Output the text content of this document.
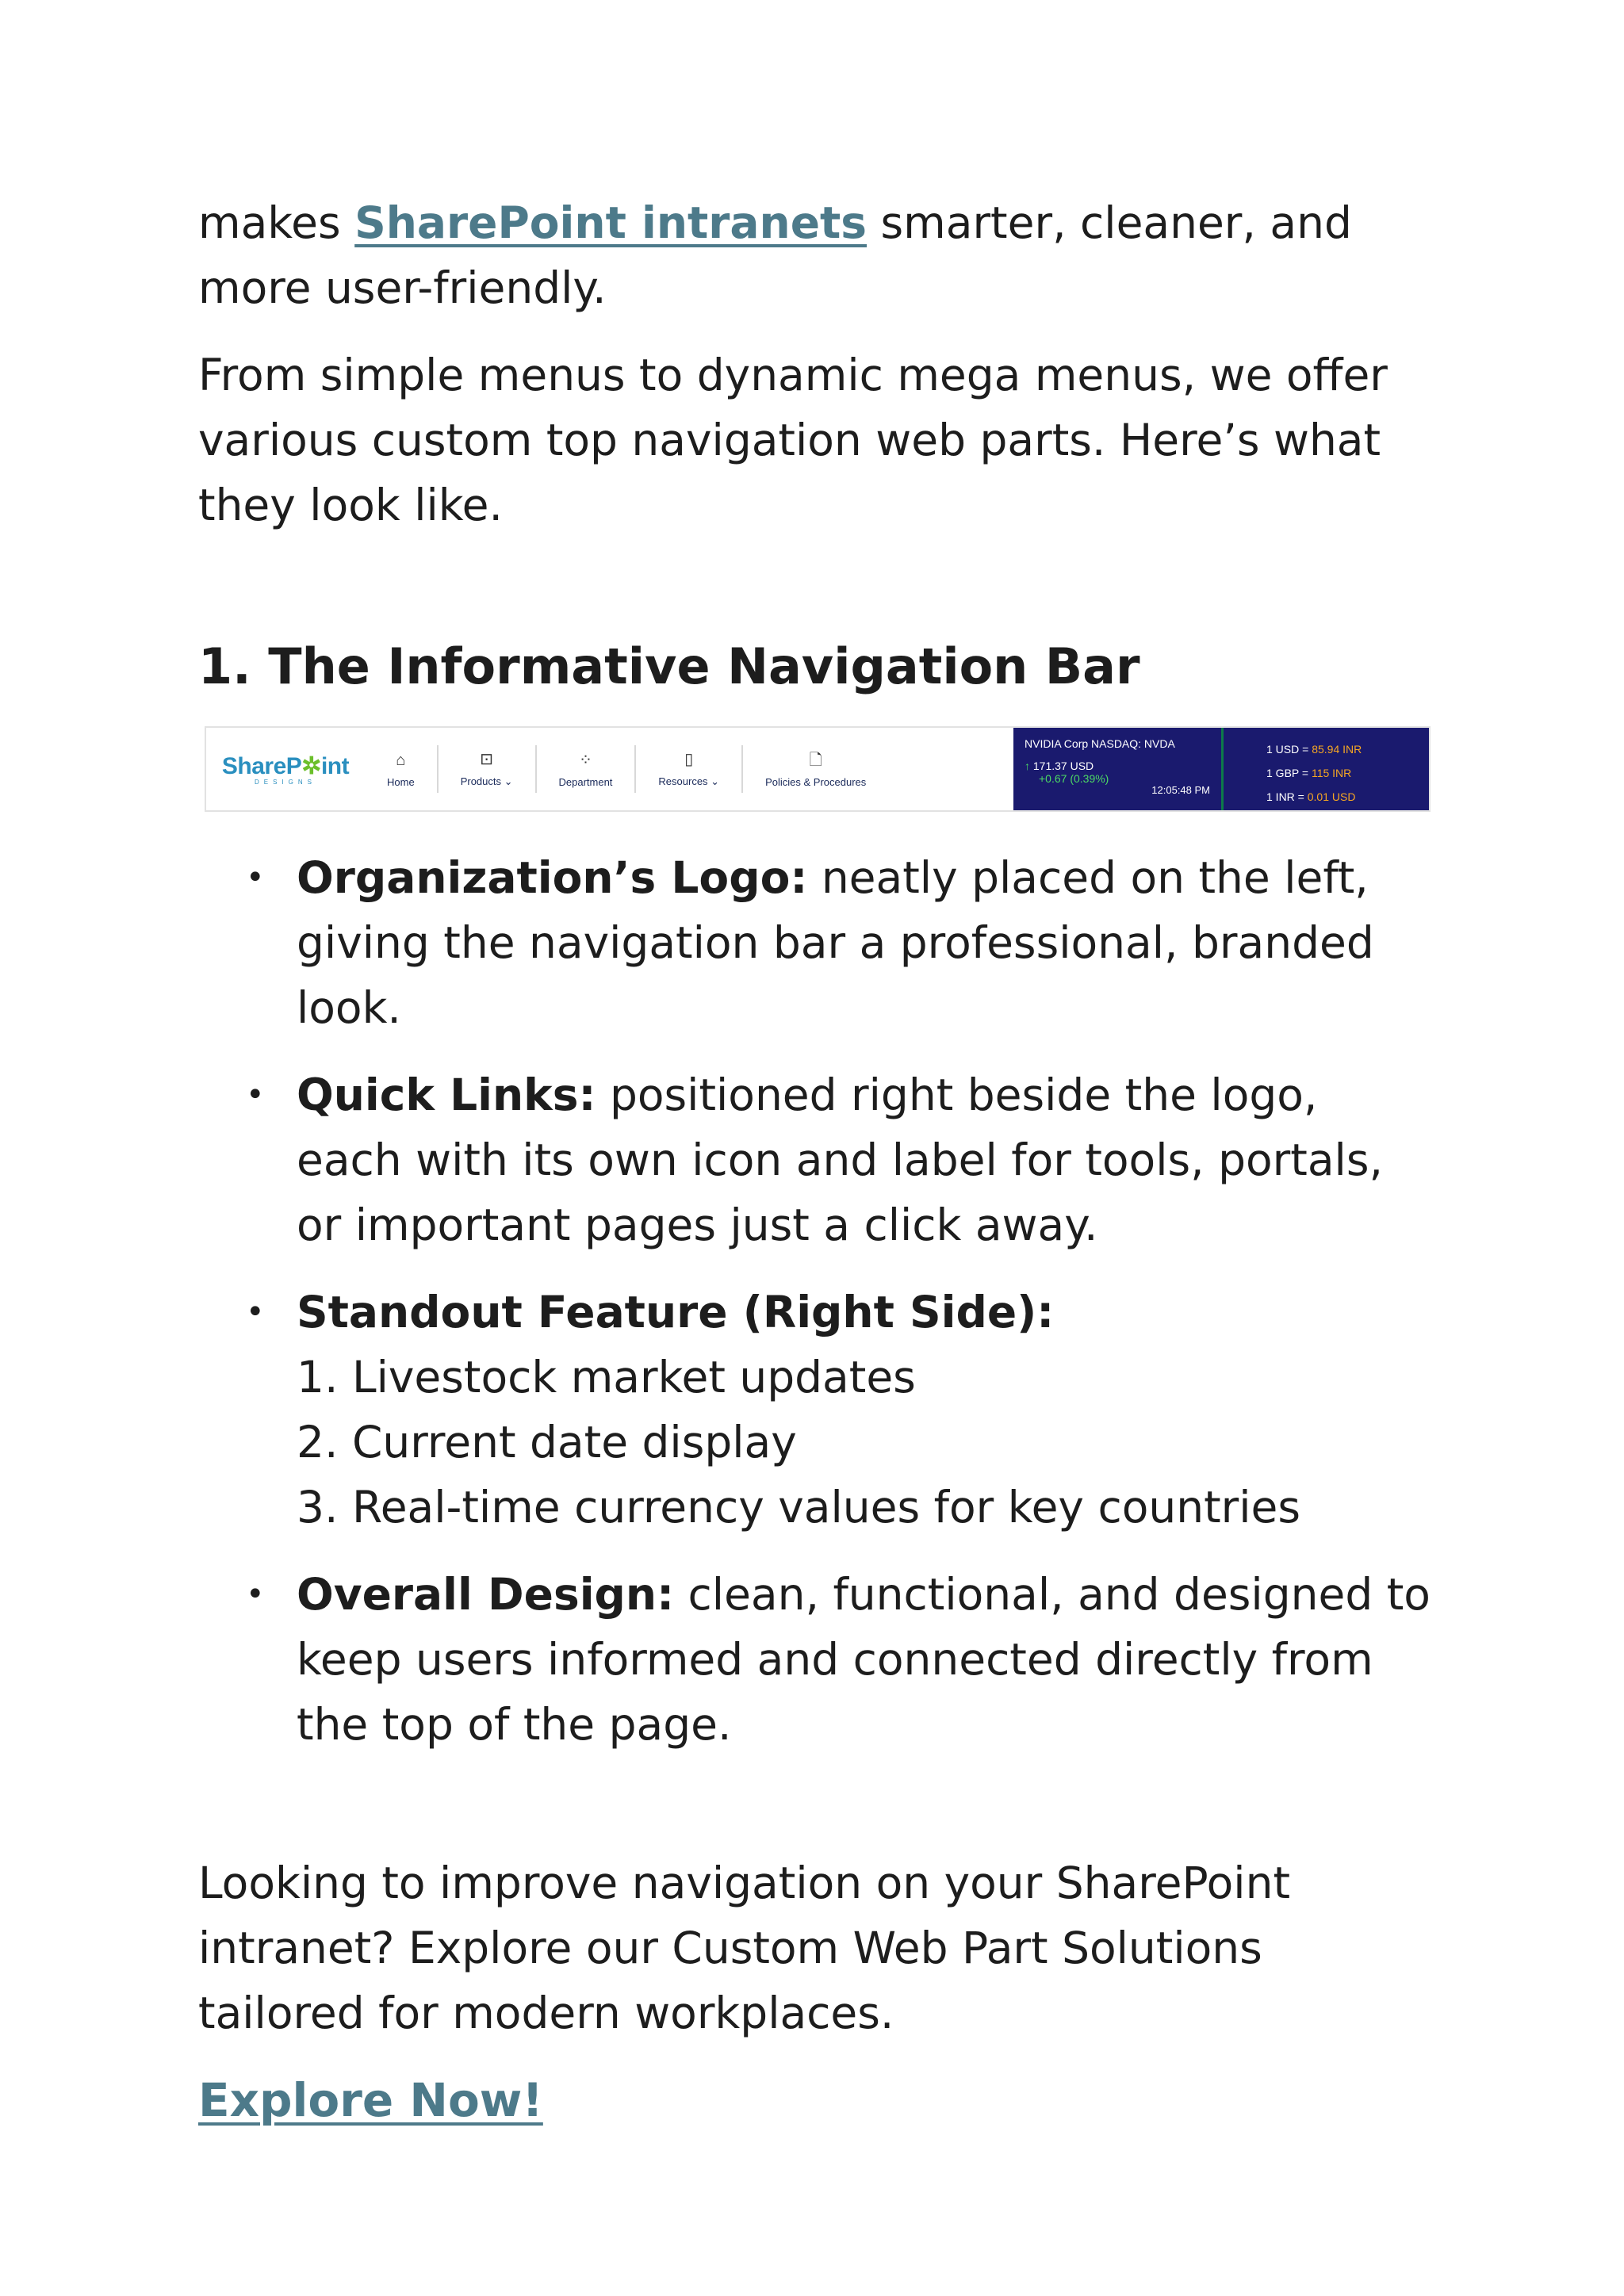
makes SharePoint intranets smarter, cleaner, and more user-friendly.

From simple menus to dynamic mega menus, we offer various custom top navigation web parts. Here’s what they look like.

1. The Informative Navigation Bar
ShareP✲int
DESIGNS
⌂
Home
⊡
Products ⌄
⁘
Department
▯
Resources ⌄
🗋
Policies & Procedures
NVIDIA Corp NASDAQ: NVDA
↑ 171.37 USD
+0.67 (0.39%)
12:05:48 PM
1 USD = 85.94 INR
1 GBP = 115 INR
1 INR = 0.01 USD
• Organization’s Logo: neatly placed on the left, giving the navigation bar a professional, branded look.
• Quick Links: positioned right beside the logo, each with its own icon and label for tools, portals, or important pages just a click away.
• Standout Feature (Right Side):
1. Livestock market updates
2. Current date display
3. Real-time currency values for key countries
• Overall Design: clean, functional, and designed to keep users informed and connected directly from the top of the page.

Looking to improve navigation on your SharePoint intranet? Explore our Custom Web Part Solutions tailored for modern workplaces.

Explore Now!
